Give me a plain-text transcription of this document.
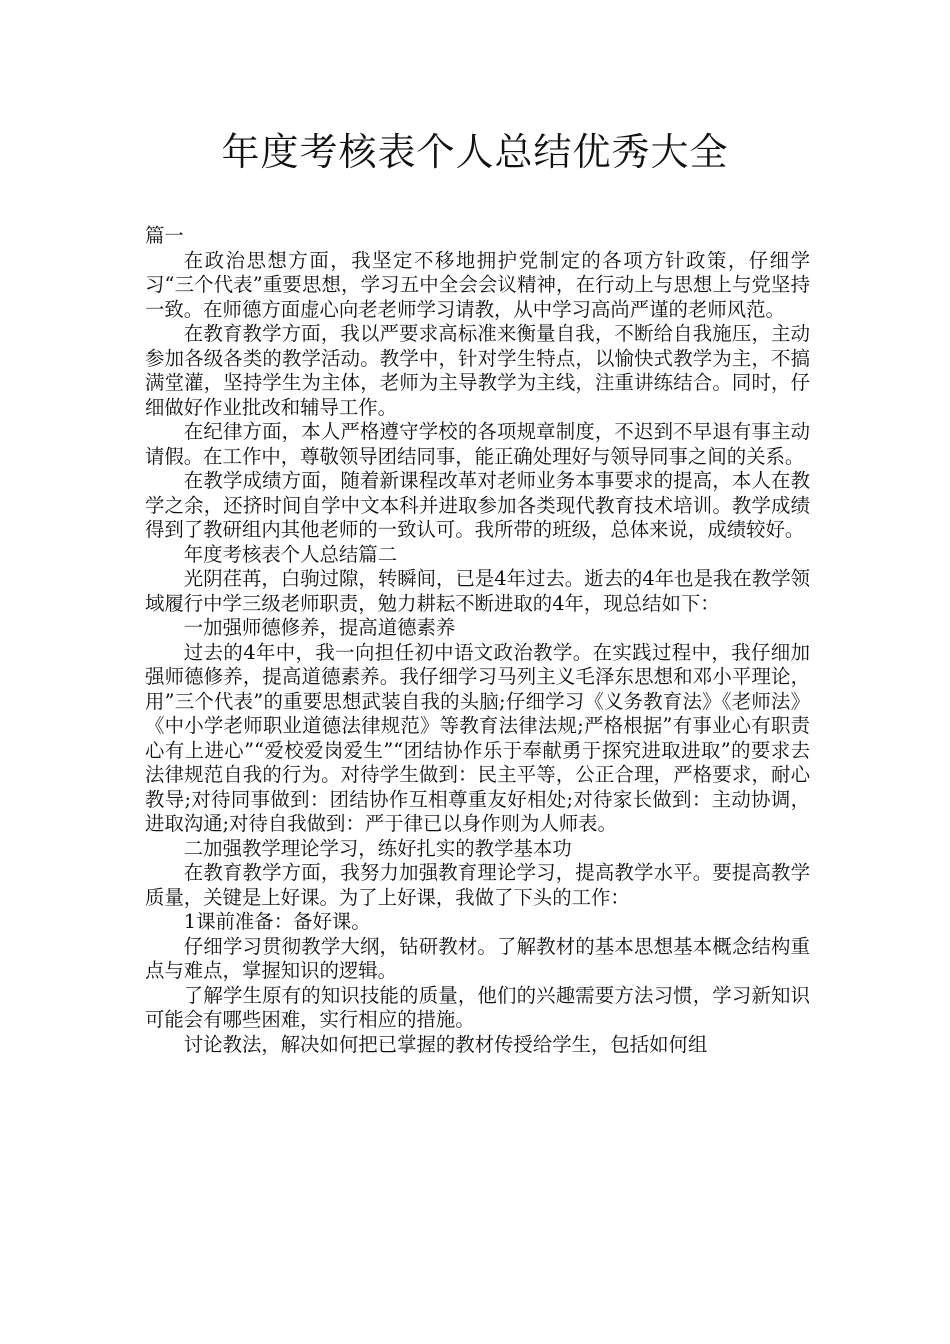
年度考核表个人总结优秀大全

篇一

在政治思想方面，我坚定不移地拥护党制定的各项方针政策，仔细学习“三个代表”重要思想，学习五中全会会议精神，在行动上与思想上与党坚持一致。在师德方面虚心向老老师学习请教，从中学习高尚严谨的老师风范。

在教育教学方面，我以严要求高标准来衡量自我，不断给自我施压，主动参加各级各类的教学活动。教学中，针对学生特点，以愉快式教学为主，不搞满堂灌，坚持学生为主体，老师为主导教学为主线，注重讲练结合。同时，仔细做好作业批改和辅导工作。

在纪律方面，本人严格遵守学校的各项规章制度，不迟到不早退有事主动请假。在工作中，尊敬领导团结同事，能正确处理好与领导同事之间的关系。

在教学成绩方面，随着新课程改革对老师业务本事要求的提高，本人在教学之余，还挤时间自学中文本科并进取参加各类现代教育技术培训。教学成绩得到了教研组内其他老师的一致认可。我所带的班级，总体来说，成绩较好。

年度考核表个人总结篇二

光阴荏苒，白驹过隙，转瞬间，已是4年过去。逝去的4年也是我在教学领域履行中学三级老师职责，勉力耕耘不断进取的4年，现总结如下：

一加强师德修养，提高道德素养

过去的4年中，我一向担任初中语文政治教学。在实践过程中，我仔细加强师德修养，提高道德素养。我仔细学习马列主义毛泽东思想和邓小平理论，用”三个代表”的重要思想武装自我的头脑;仔细学习《义务教育法》《老师法》《中小学老师职业道德法律规范》等教育法律法规;严格根据”有事业心有职责心有上进心”“爱校爱岗爱生”“团结协作乐于奉献勇于探究进取进取”的要求去法律规范自我的行为。对待学生做到：民主平等，公正合理，严格要求，耐心教导;对待同事做到：团结协作互相尊重友好相处;对待家长做到：主动协调，进取沟通;对待自我做到：严于律已以身作则为人师表。

二加强教学理论学习，练好扎实的教学基本功

在教育教学方面，我努力加强教育理论学习，提高教学水平。要提高教学质量，关键是上好课。为了上好课，我做了下头的工作：

1课前准备：备好课。

仔细学习贯彻教学大纲，钻研教材。了解教材的基本思想基本概念结构重点与难点，掌握知识的逻辑。

了解学生原有的知识技能的质量，他们的兴趣需要方法习惯，学习新知识可能会有哪些困难，实行相应的措施。

讨论教法，解决如何把已掌握的教材传授给学生，包括如何组
